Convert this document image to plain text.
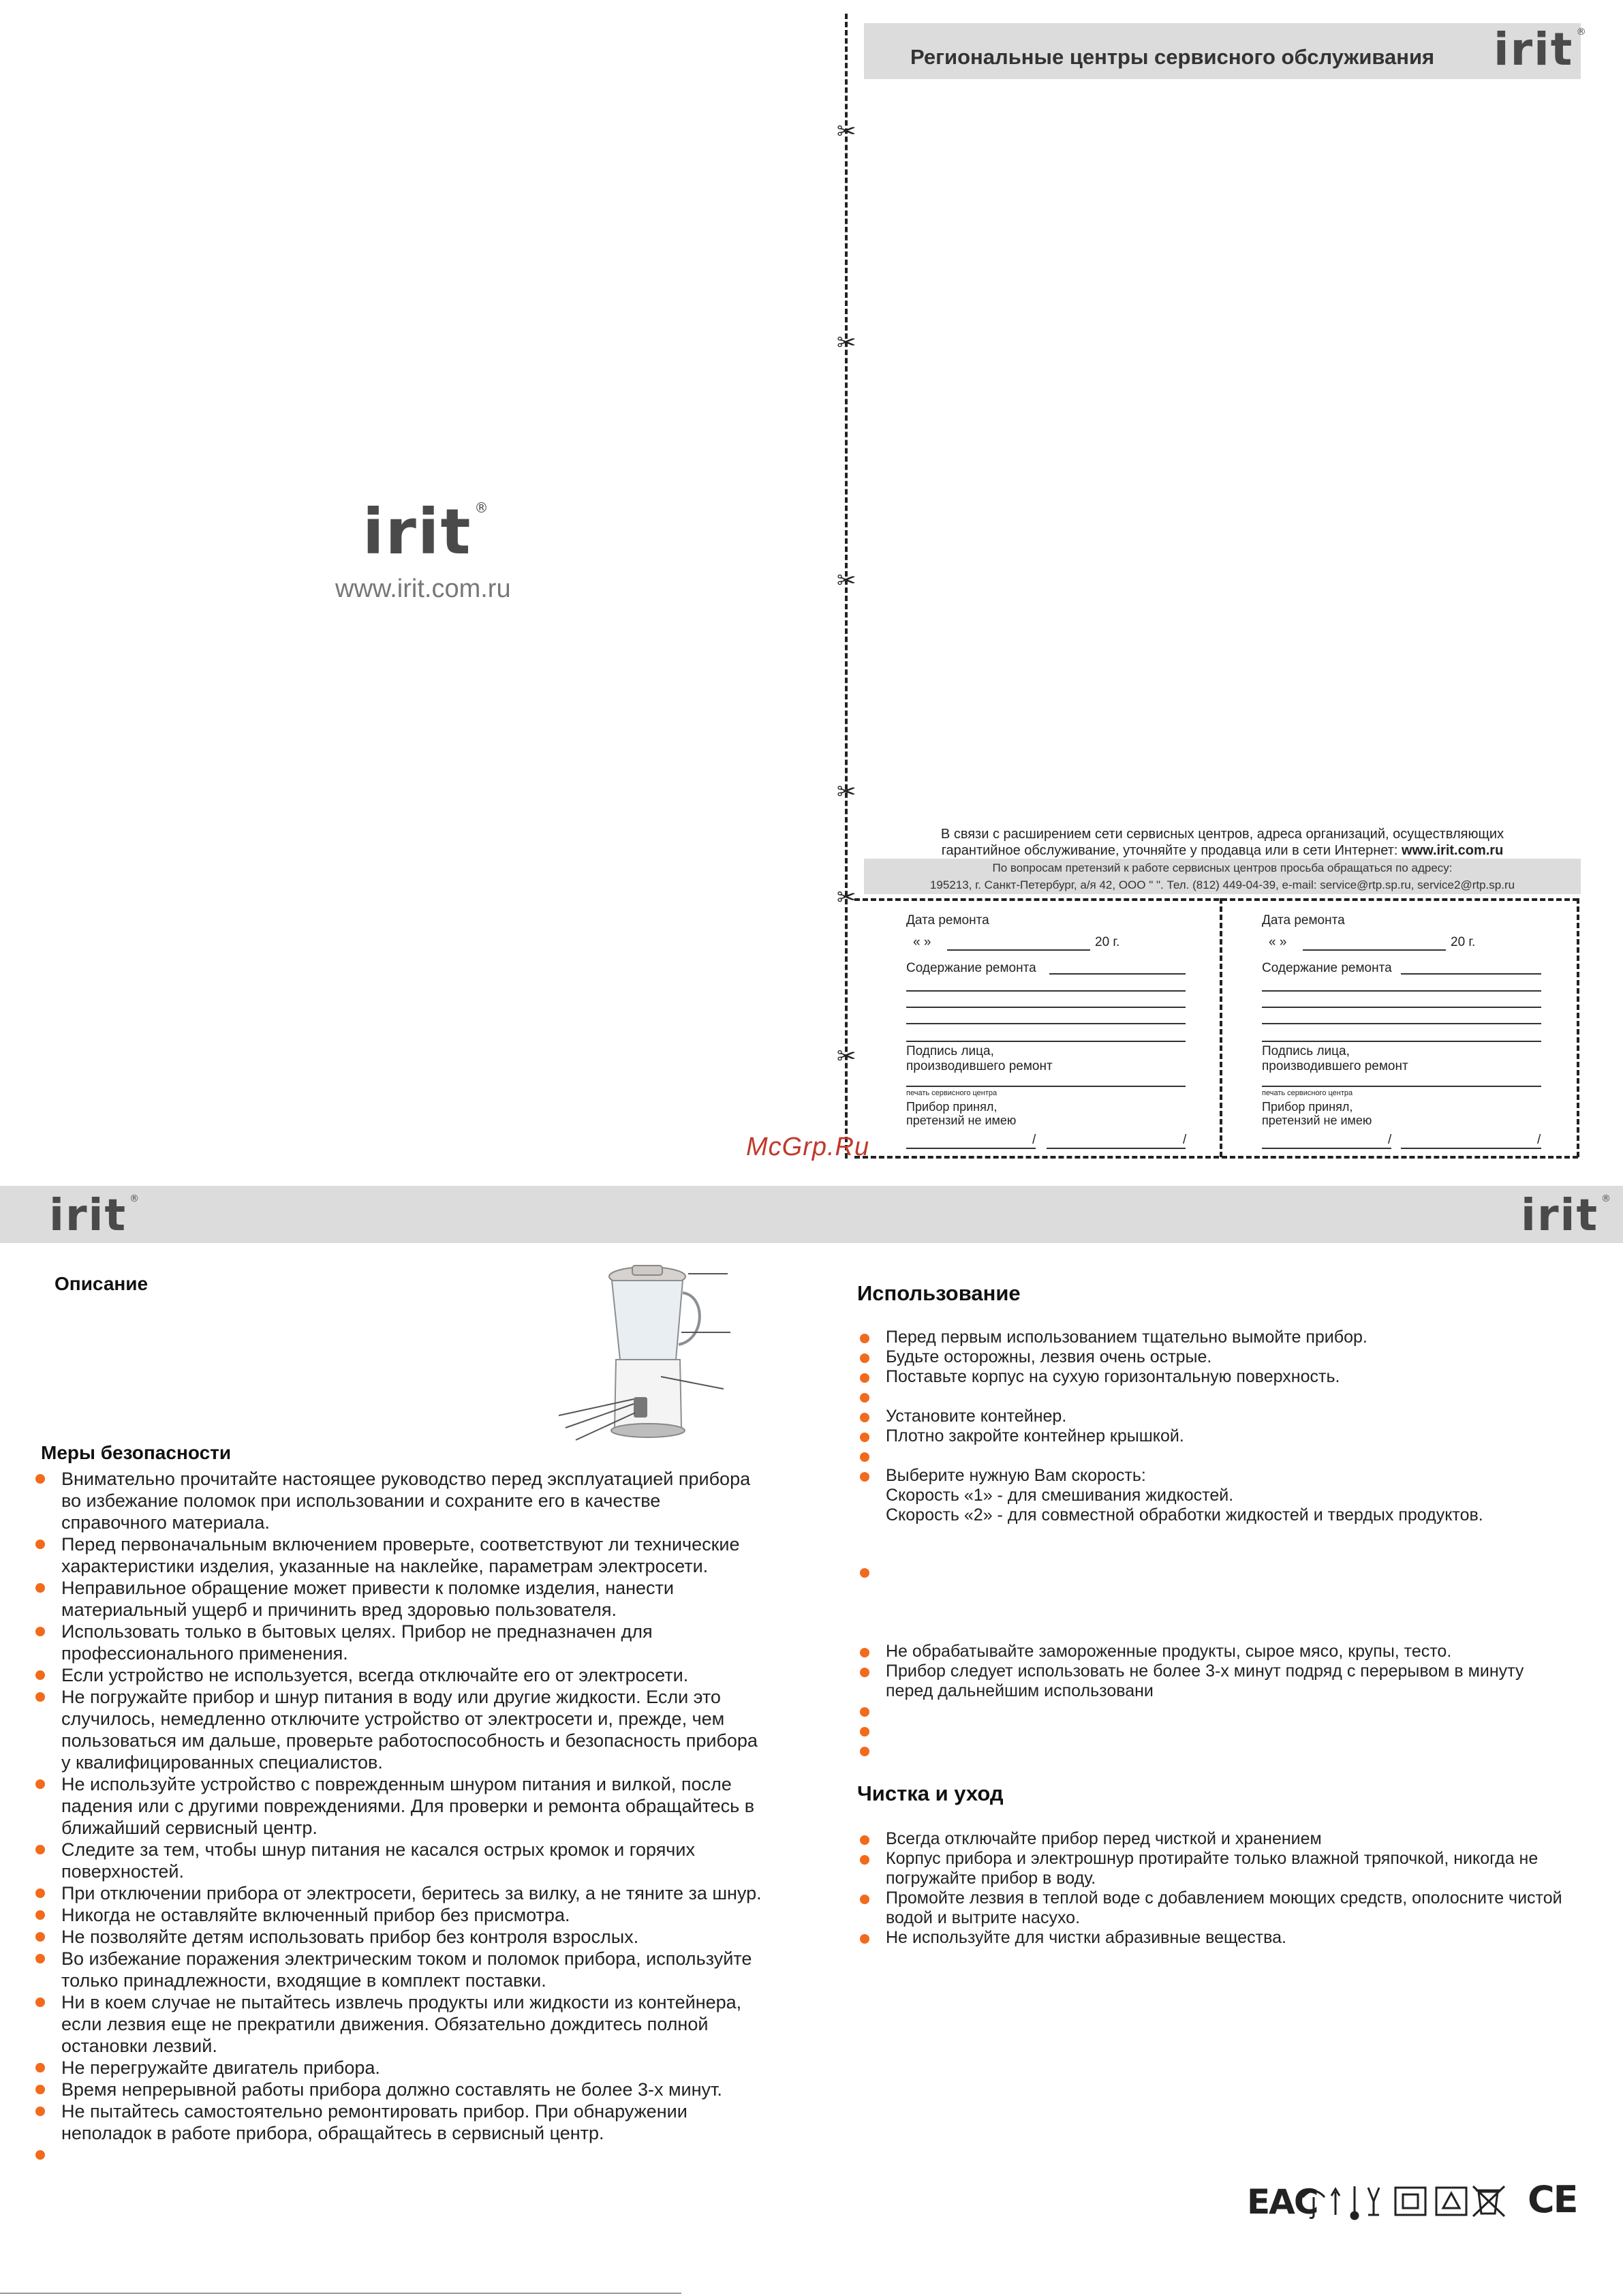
irit ®
www.irit.com.ru
✂
✂
✂
✂
✂
✂
Региональные центры сервисного обслуживания irit ®
В связи с расширением сети сервисных центров, адреса организаций, осуществляющих
гарантийное обслуживание, уточняйте у продавца или в сети Интернет: www.irit.com.ru
По вопросам претензий к работе сервисных центров просьба обращаться по адресу:
195213, г. Санкт-Петербург, а/я 42, ООО " ". Тел. (812) 449-04-39, e-mail: service@rtp.sp.ru, service2@rtp.sp.ru
Дата ремонта
« »	20 г.
Содержание ремонта
Подпись лица,
производившего ремонт
печать сервисного центра
Прибор принял,
претензий не имею
/	/
Дата ремонта
« »	20 г.
Содержание ремонта
Подпись лица,
производившего ремонт
печать сервисного центра
Прибор принял,
претензий не имею
/	/
McGrp.Ru
irit ®	irit ®
Описание
Меры безопасности
Внимательно прочитайте настоящее руководство перед эксплуатацией прибора
во избежание поломок при использовании и сохраните его в качестве
справочного материала.
Перед первоначальным включением проверьте, соответствуют ли технические
характеристики изделия, указанные на наклейке, параметрам электросети.
Неправильное обращение может привести к поломке изделия, нанести
материальный ущерб и причинить вред здоровью пользователя.
Использовать только в бытовых целях. Прибор не предназначен для
профессионального применения.
Если устройство не используется, всегда отключайте его от электросети.
Не погружайте прибор и шнур питания в воду или другие жидкости. Если это
случилось, немедленно отключите устройство от электросети и, прежде, чем
пользоваться им дальше, проверьте работоспособность и безопасность прибора
у квалифицированных специалистов.
Не используйте устройство с поврежденным шнуром питания и вилкой, после
падения или с другими повреждениями. Для проверки и ремонта обращайтесь в
ближайший сервисный центр.
Следите за тем, чтобы шнур питания не касался острых кромок и горячих
поверхностей.
При отключении прибора от электросети, беритесь за вилку, а не тяните за шнур.
Никогда не оставляйте включенный прибор без присмотра.
Не позволяйте детям использовать прибор без контроля взрослых.
Во избежание поражения электрическим током и поломок прибора, используйте
только принадлежности, входящие в комплект поставки.
Ни в коем случае не пытайтесь извлечь продукты или жидкости из контейнера,
если лезвия еще не прекратили движения. Обязательно дождитесь полной
остановки лезвий.
Не перегружайте двигатель прибора.
Время непрерывной работы прибора должно составлять не более 3-х минут.
Не пытайтесь самостоятельно ремонтировать прибор. При обнаружении
неполадок в работе прибора, обращайтесь в сервисный центр.
Использование
Перед первым использованием тщательно вымойте прибор.
Будьте осторожны, лезвия очень острые.
Поставьте корпус на сухую горизонтальную поверхность.
Установите контейнер.
Плотно закройте контейнер крышкой.
Выберите нужную Вам скорость:
Скорость «1» - для смешивания жидкостей.
Скорость «2» - для совместной обработки жидкостей и твердых продуктов.
Не обрабатывайте замороженные продукты, сырое мясо, крупы, тесто.
Прибор следует использовать не более 3-х минут подряд с перерывом в минуту
перед дальнейшим использовани
Чистка и уход
Всегда отключайте прибор перед чисткой и хранением
Корпус прибора и электрошнур протирайте только влажной тряпочкой, никогда не
погружайте прибор в воду.
Промойте лезвия в теплой воде с добавлением моющих средств, ополосните чистой
водой и вытрите насухо.
Не используйте для чистки абразивные вещества.
ЕАС	CE
